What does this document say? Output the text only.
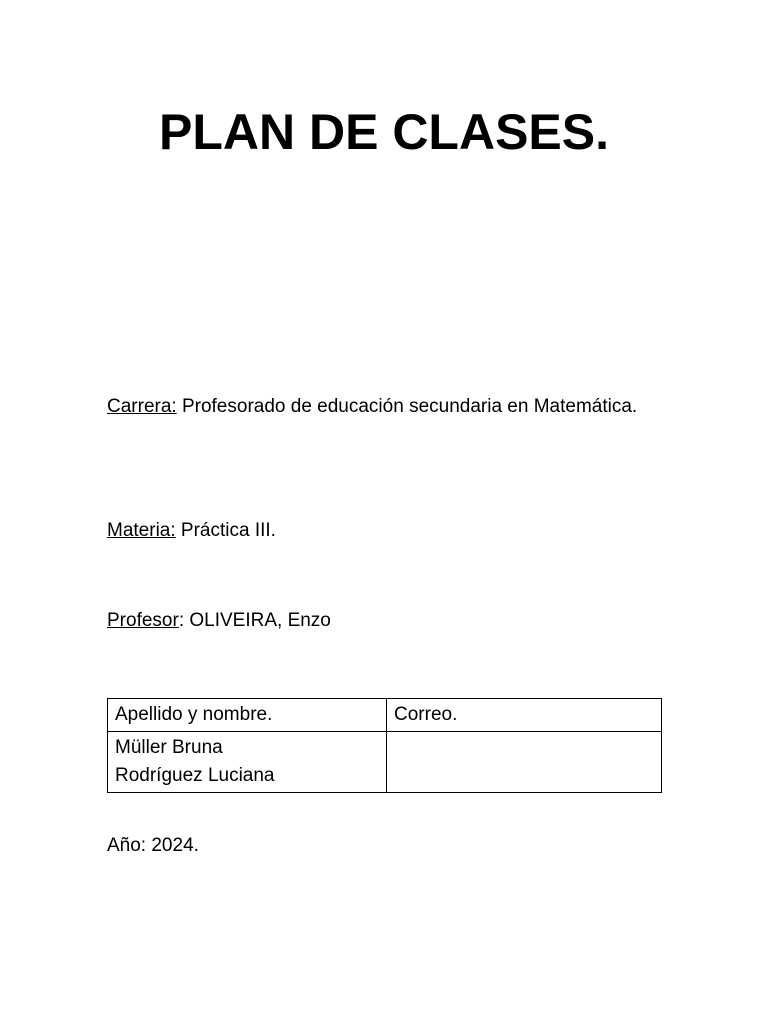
PLAN DE CLASES.
Carrera: Profesorado de educación secundaria en Matemática.
Materia: Práctica III.
Profesor: OLIVEIRA, Enzo
Apellido y nombre.	Correo.

Müller Bruna
Rodríguez Luciana	

Año: 2024.
